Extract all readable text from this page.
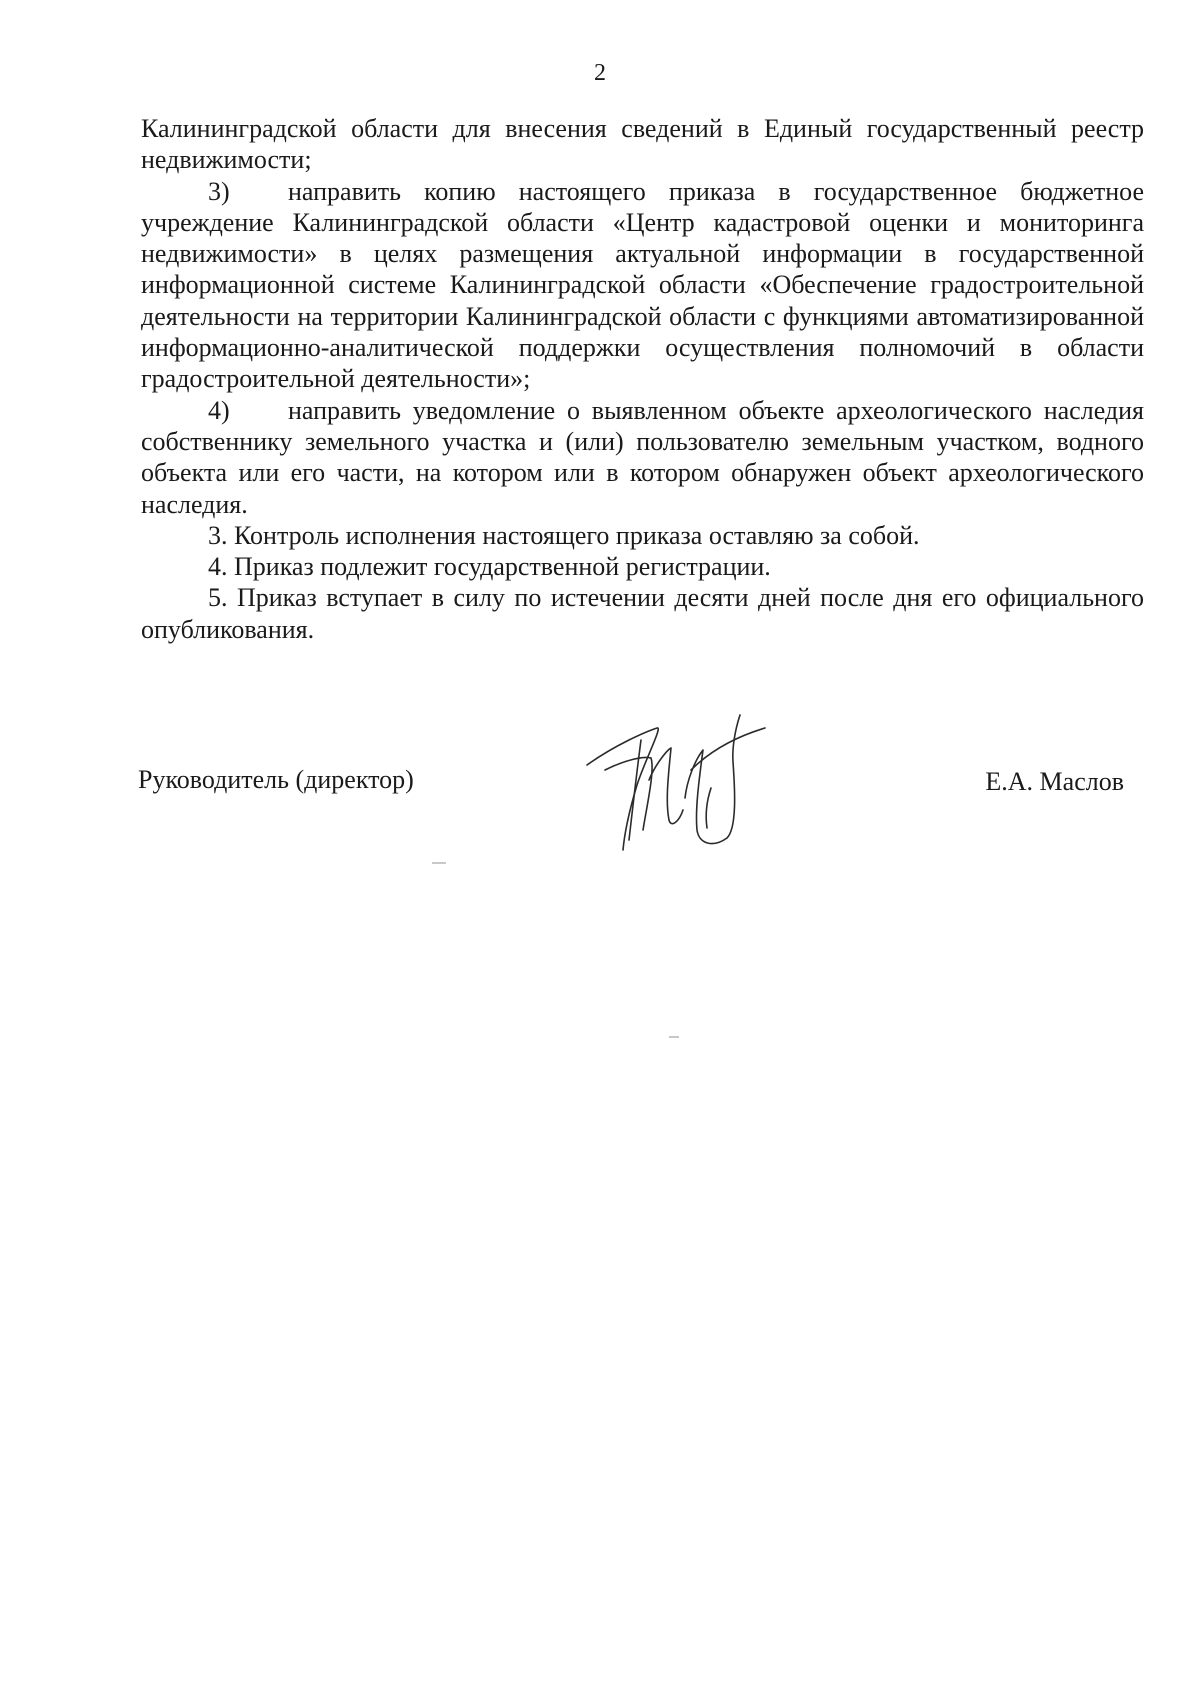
2

Калининградской области для внесения сведений в Единый государственный реестр недвижимости;

3) направить копию настоящего приказа в государственное бюджетное учреждение Калининградской области «Центр кадастровой оценки и мониторинга недвижимости» в целях размещения актуальной информации в государственной информационной системе Калининградской области «Обеспечение градостроительной деятельности на территории Калининградской области с функциями автоматизированной информационно-аналитической поддержки осуществления полномочий в области градостроительной деятельности»;

4) направить уведомление о выявленном объекте археологического наследия собственнику земельного участка и (или) пользователю земельным участком, водного объекта или его части, на котором или в котором обнаружен объект археологического наследия.

3. Контроль исполнения настоящего приказа оставляю за собой.

4. Приказ подлежит государственной регистрации.

5. Приказ вступает в силу по истечении десяти дней после дня его официального опубликования.

Руководитель (директор)	Е.А. Маслов
